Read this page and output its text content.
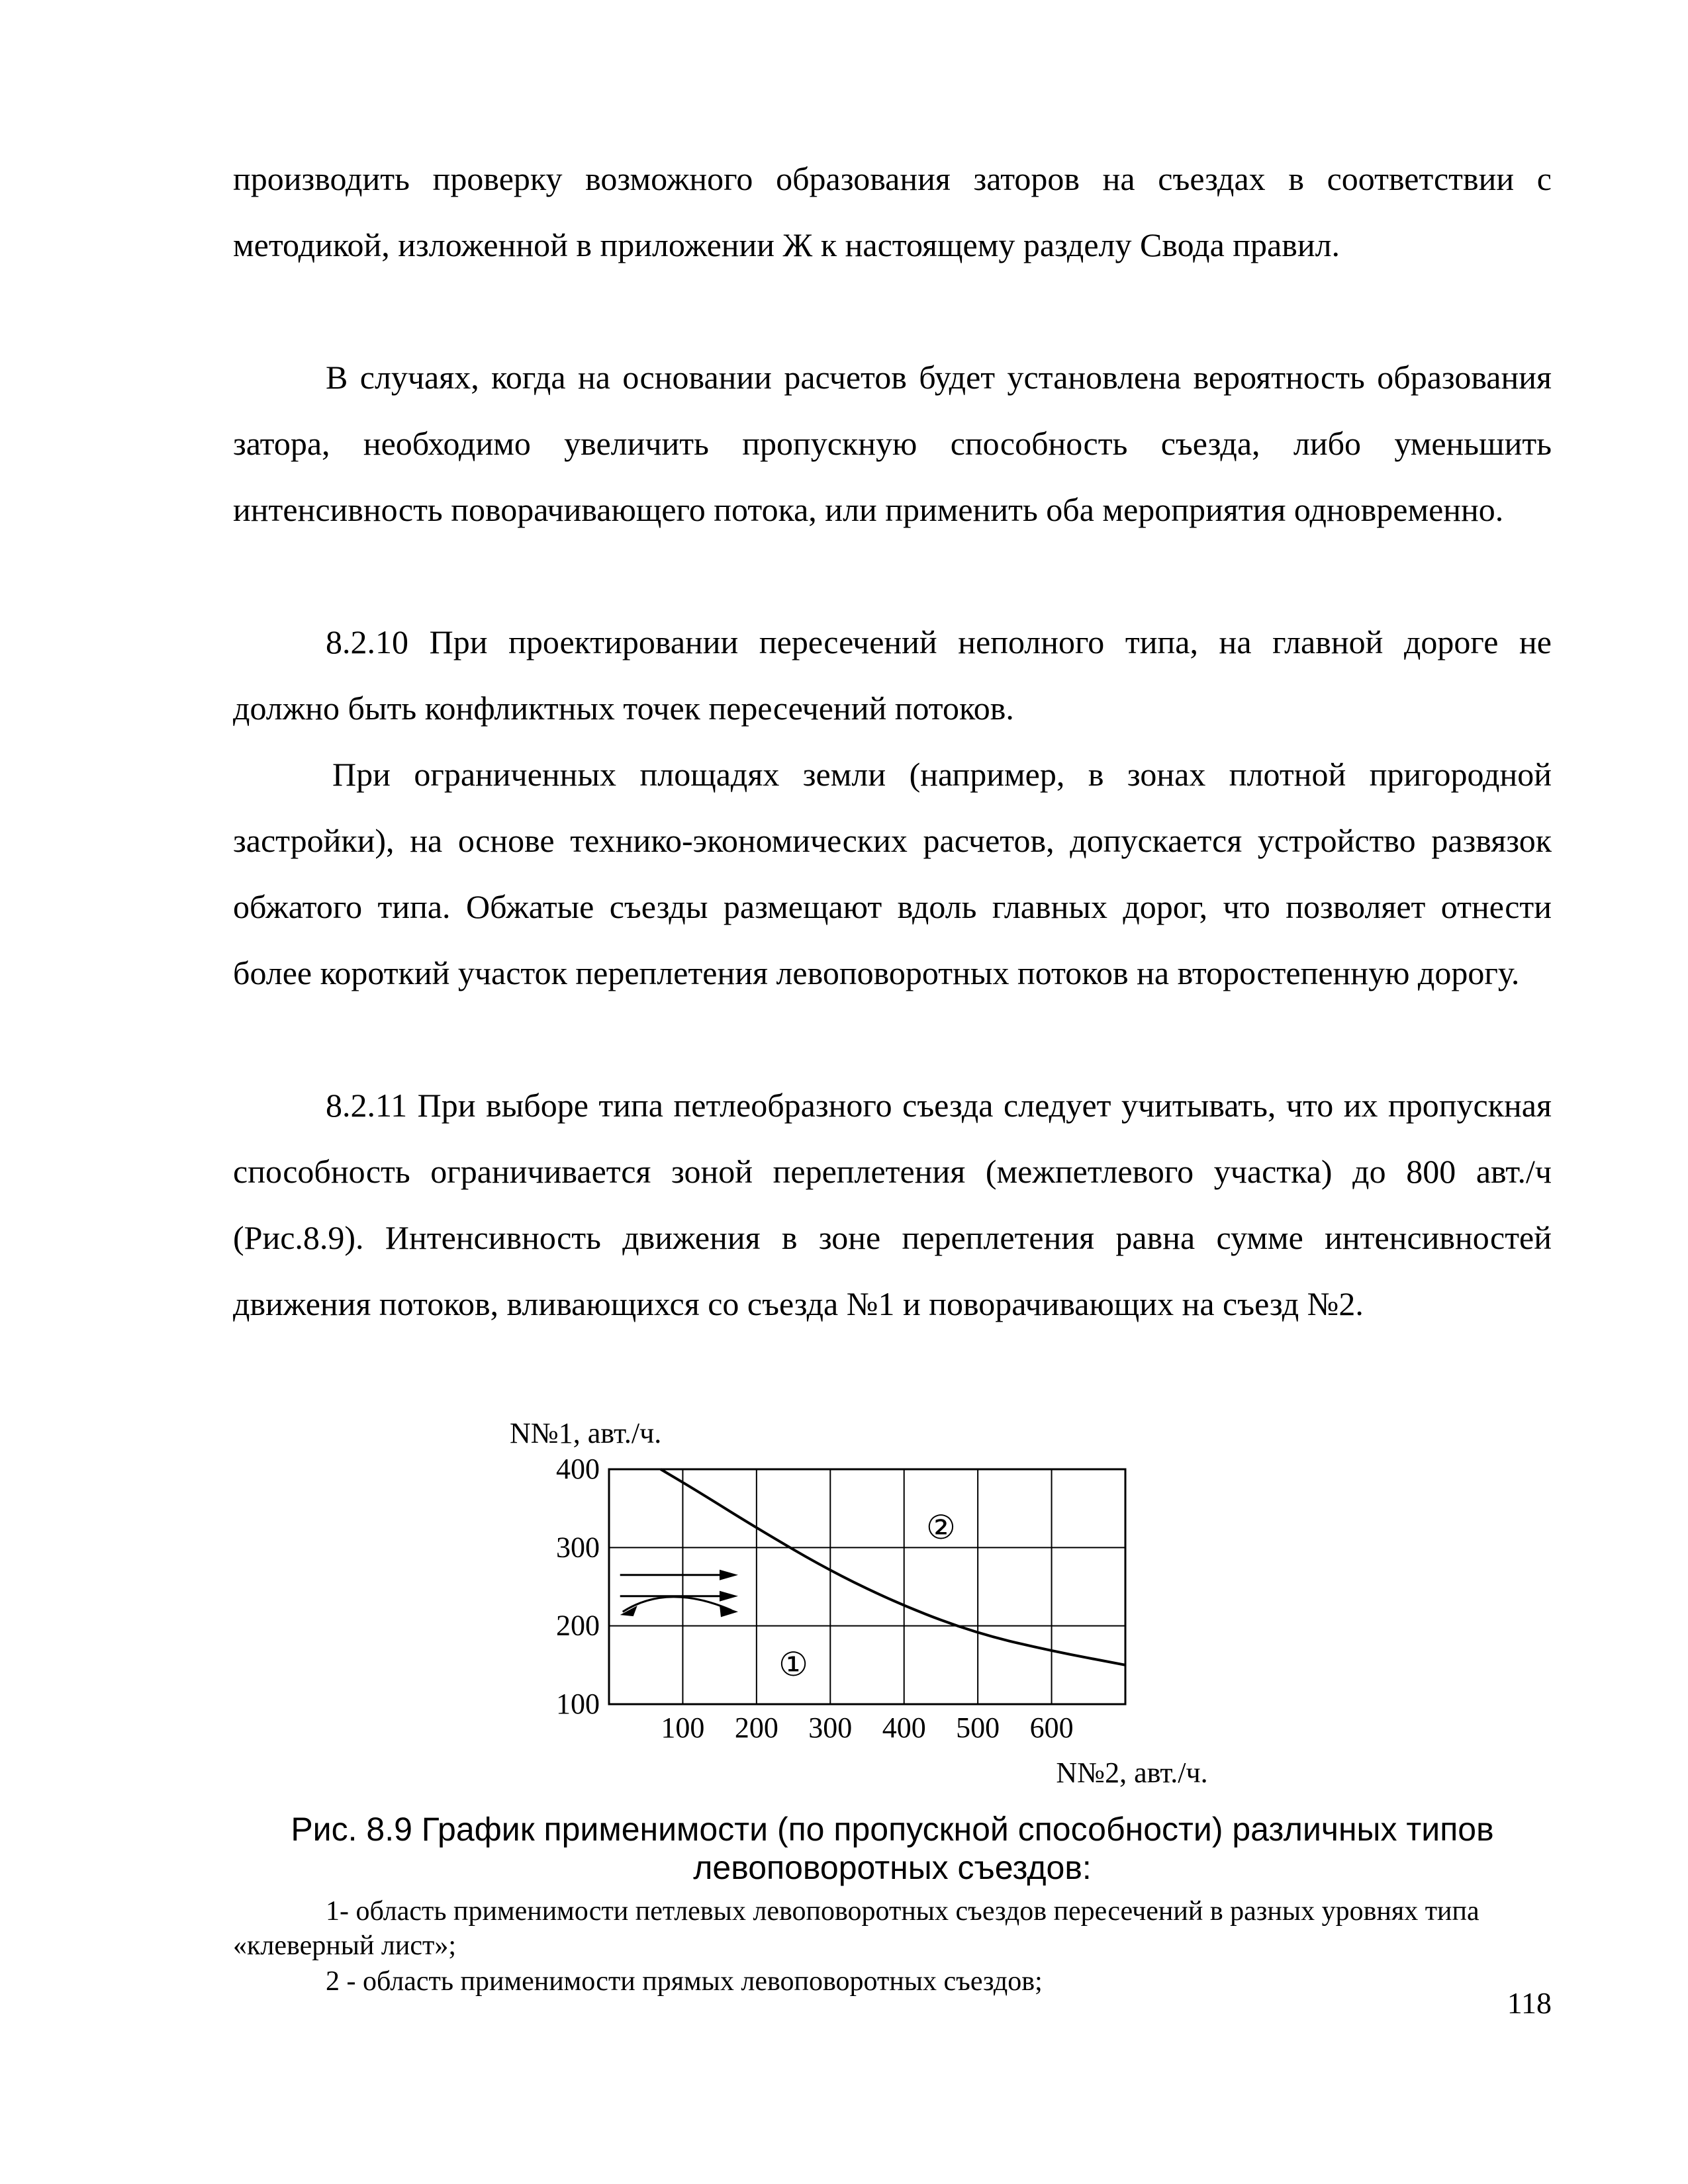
производить проверку возможного образования заторов на съездах в соответствии с методикой, изложенной в приложении Ж к настоящему разделу Свода правил.

В случаях, когда на основании расчетов будет установлена вероятность образования затора, необходимо увеличить пропускную способность съезда, либо уменьшить интенсивность поворачивающего потока, или применить оба мероприятия одновременно.

8.2.10 При проектировании пересечений неполного типа, на главной дороге не должно быть конфликтных точек пересечений потоков.

При ограниченных площадях земли (например, в зонах плотной пригородной застройки), на основе технико-экономических расчетов, допускается устройство развязок обжатого типа. Обжатые съезды размещают вдоль главных дорог, что позволяет отнести более короткий участок переплетения левоповоротных потоков на второстепенную дорогу.

8.2.11 При выборе типа петлеобразного съезда следует учитывать, что их пропускная способность ограничивается зоной переплетения (межпетлевого участка) до 800 авт./ч (Рис.8.9). Интенсивность движения в зоне переплетения равна сумме интенсивностей движения потоков, вливающихся со съезда №1 и поворачивающих на съезд №2.

100
200
300
400
100 200 300 400 500 600
N№1, авт./ч.
N№2, авт./ч.
①
②

Рис. 8.9 График применимости (по пропускной способности) различных типов левоповоротных съездов:

1- область применимости петлевых левоповоротных съездов пересечений в разных уровнях типа «клеверный лист»;

2 - область применимости прямых левоповоротных съездов;

118
